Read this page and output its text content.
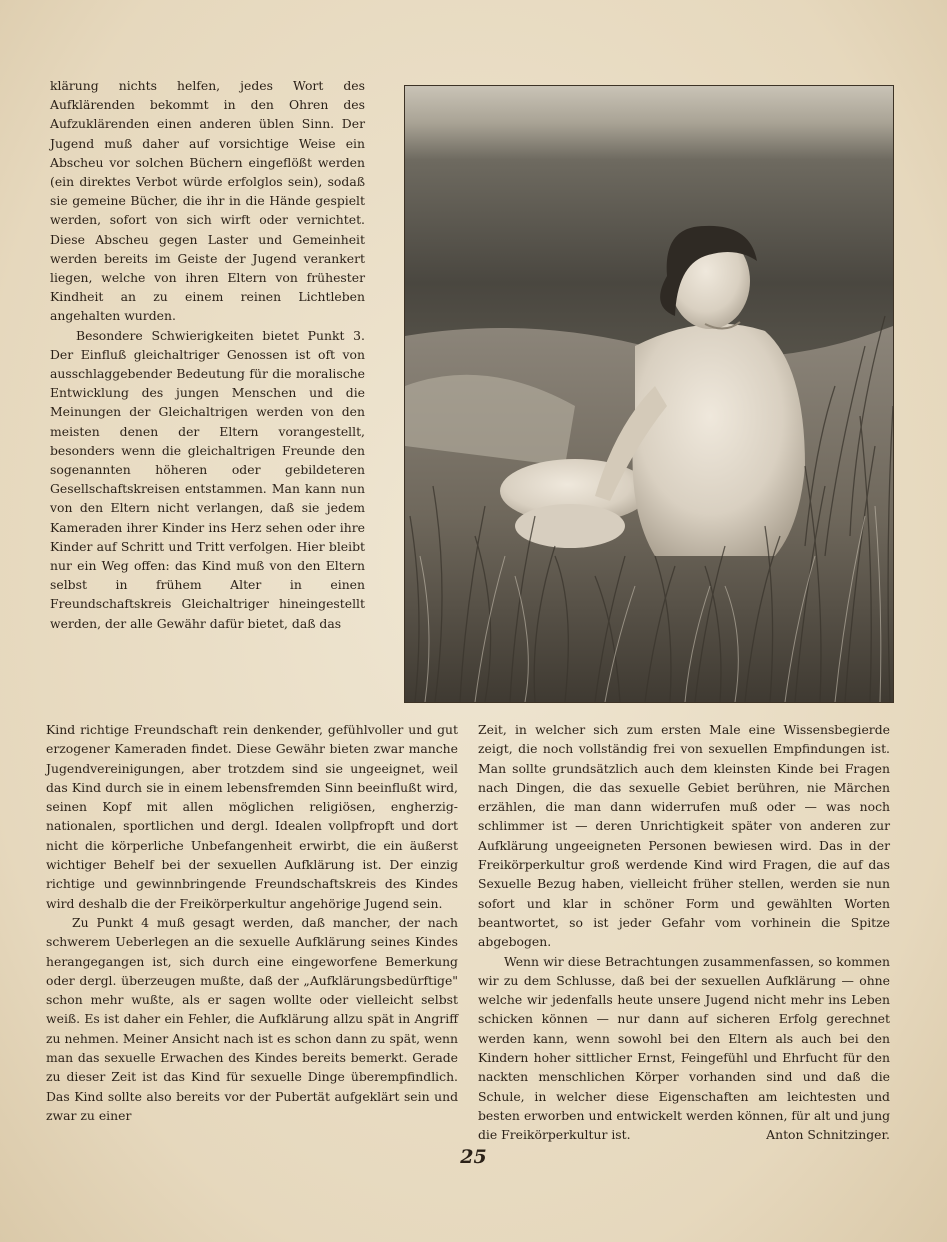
klärung nichts helfen, jedes Wort des Aufklärenden bekommt in den Ohren des Aufzuklärenden einen anderen üblen Sinn. Der Jugend muß daher auf vorsichtige Weise ein Abscheu vor solchen Büchern eingeflößt werden (ein direktes Verbot würde erfolglos sein), sodaß sie gemeine Bücher, die ihr in die Hände gespielt werden, sofort von sich wirft oder vernichtet. Diese Abscheu gegen Laster und Gemeinheit werden bereits im Geiste der Jugend verankert liegen, welche von ihren Eltern von frühester Kindheit an zu einem reinen Lichtleben angehalten wurden.

Besondere Schwierigkeiten bietet Punkt 3. Der Einfluß gleichaltriger Genossen ist oft von ausschlaggebender Bedeutung für die moralische Entwicklung des jungen Menschen und die Meinungen der Gleichaltrigen werden von den meisten denen der Eltern vorangestellt, besonders wenn die gleichaltrigen Freunde den sogenannten höheren oder gebildeteren Gesellschaftskreisen entstammen. Man kann nun von den Eltern nicht verlangen, daß sie jedem Kameraden ihrer Kinder ins Herz sehen oder ihre Kinder auf Schritt und Tritt verfolgen. Hier bleibt nur ein Weg offen: das Kind muß von den Eltern selbst in frühem Alter in einen Freundschaftskreis Gleichaltriger hineingestellt werden, der alle Gewähr dafür bietet, daß das

Kind richtige Freundschaft rein denkender, gefühlvoller und gut erzogener Kameraden findet. Diese Gewähr bieten zwar manche Jugendvereinigungen, aber trotzdem sind sie ungeeignet, weil das Kind durch sie in einem lebensfremden Sinn beeinflußt wird, seinen Kopf mit allen möglichen religiösen, engherzig-nationalen, sportlichen und dergl. Idealen vollpfropft und dort nicht die körperliche Unbefangenheit erwirbt, die ein äußerst wichtiger Behelf bei der sexuellen Aufklärung ist. Der einzig richtige und gewinnbringende Freundschaftskreis des Kindes wird deshalb die der Freikörperkultur angehörige Jugend sein.

Zu Punkt 4 muß gesagt werden, daß mancher, der nach schwerem Ueberlegen an die sexuelle Aufklärung seines Kindes herangegangen ist, sich durch eine eingeworfene Bemerkung oder dergl. überzeugen mußte, daß der „Aufklärungsbedürftige" schon mehr wußte, als er sagen wollte oder vielleicht selbst weiß. Es ist daher ein Fehler, die Aufklärung allzu spät in Angriff zu nehmen. Meiner Ansicht nach ist es schon dann zu spät, wenn man das sexuelle Erwachen des Kindes bereits bemerkt. Gerade zu dieser Zeit ist das Kind für sexuelle Dinge überempfindlich. Das Kind sollte also bereits vor der Pubertät aufgeklärt sein und zwar zu einer

Zeit, in welcher sich zum ersten Male eine Wissensbegierde zeigt, die noch vollständig frei von sexuellen Empfindungen ist. Man sollte grundsätzlich auch dem kleinsten Kinde bei Fragen nach Dingen, die das sexuelle Gebiet berühren, nie Märchen erzählen, die man dann widerrufen muß oder — was noch schlimmer ist — deren Unrichtigkeit später von anderen zur Aufklärung ungeeigneten Personen bewiesen wird. Das in der Freikörperkultur groß werdende Kind wird Fragen, die auf das Sexuelle Bezug haben, vielleicht früher stellen, werden sie nun sofort und klar in schöner Form und gewählten Worten beantwortet, so ist jeder Gefahr vom vorhinein die Spitze abgebogen.

Wenn wir diese Betrachtungen zusammenfassen, so kommen wir zu dem Schlusse, daß bei der sexuellen Aufklärung — ohne welche wir jedenfalls heute unsere Jugend nicht mehr ins Leben schicken können — nur dann auf sicheren Erfolg gerechnet werden kann, wenn sowohl bei den Eltern als auch bei den Kindern hoher sittlicher Ernst, Feingefühl und Ehrfucht für den nackten menschlichen Körper vorhanden sind und daß die Schule, in welcher diese Eigenschaften am leichtesten und besten erworben und entwickelt werden können, für alt und jung die Freikörperkultur ist.	Anton Schnitzinger.

25
